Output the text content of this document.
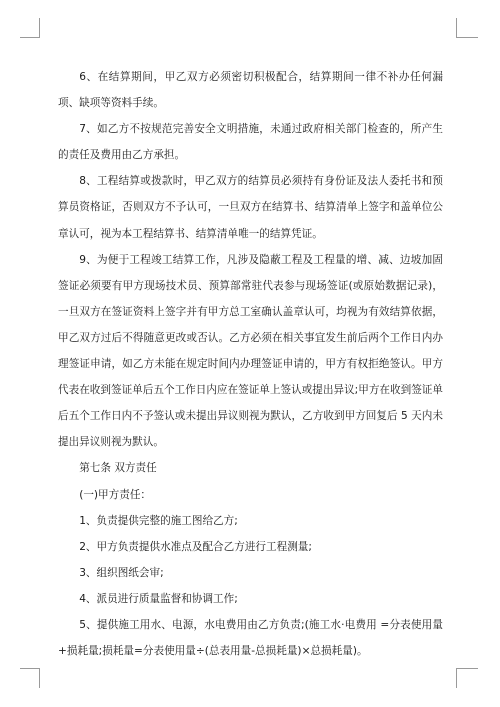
6、在结算期间，甲乙双方必须密切积极配合，结算期间一律不补办任何漏项、缺项等资料手续。

7、如乙方不按规范完善安全文明措施，未通过政府相关部门检查的，所产生的责任及费用由乙方承担。

8、工程结算或拨款时，甲乙双方的结算员必须持有身份证及法人委托书和预算员资格证，否则双方不予认可，一旦双方在结算书、结算清单上签字和盖单位公章认可，视为本工程结算书、结算清单唯一的结算凭证。

9、为便于工程竣工结算工作，凡涉及隐蔽工程及工程量的增、减、边坡加固签证必须要有甲方现场技术员、预算部常驻代表参与现场签证(或原始数据记录)，一旦双方在签证资料上签字并有甲方总工室确认盖章认可，均视为有效结算依据，甲乙双方过后不得随意更改或否认。乙方必须在相关事宜发生前后两个工作日内办理签证申请，如乙方未能在规定时间内办理签证申请的，甲方有权拒绝签认。甲方代表在收到签证单后五个工作日内应在签证单上签认或提出异议;甲方在收到签证单后五个工作日内不予签认或未提出异议则视为默认，乙方收到甲方回复后 5 天内未提出异议则视为默认。

第七条 双方责任

(一)甲方责任：

1、负责提供完整的施工图给乙方;

2、甲方负责提供水准点及配合乙方进行工程测量;

3、组织图纸会审;

4、派员进行质量监督和协调工作;

5、提供施工用水、电源，水电费用由乙方负责;(施工水·电费用 =分表使用量+损耗量;损耗量=分表使用量÷(总表用量-总损耗量)×总损耗量)。
